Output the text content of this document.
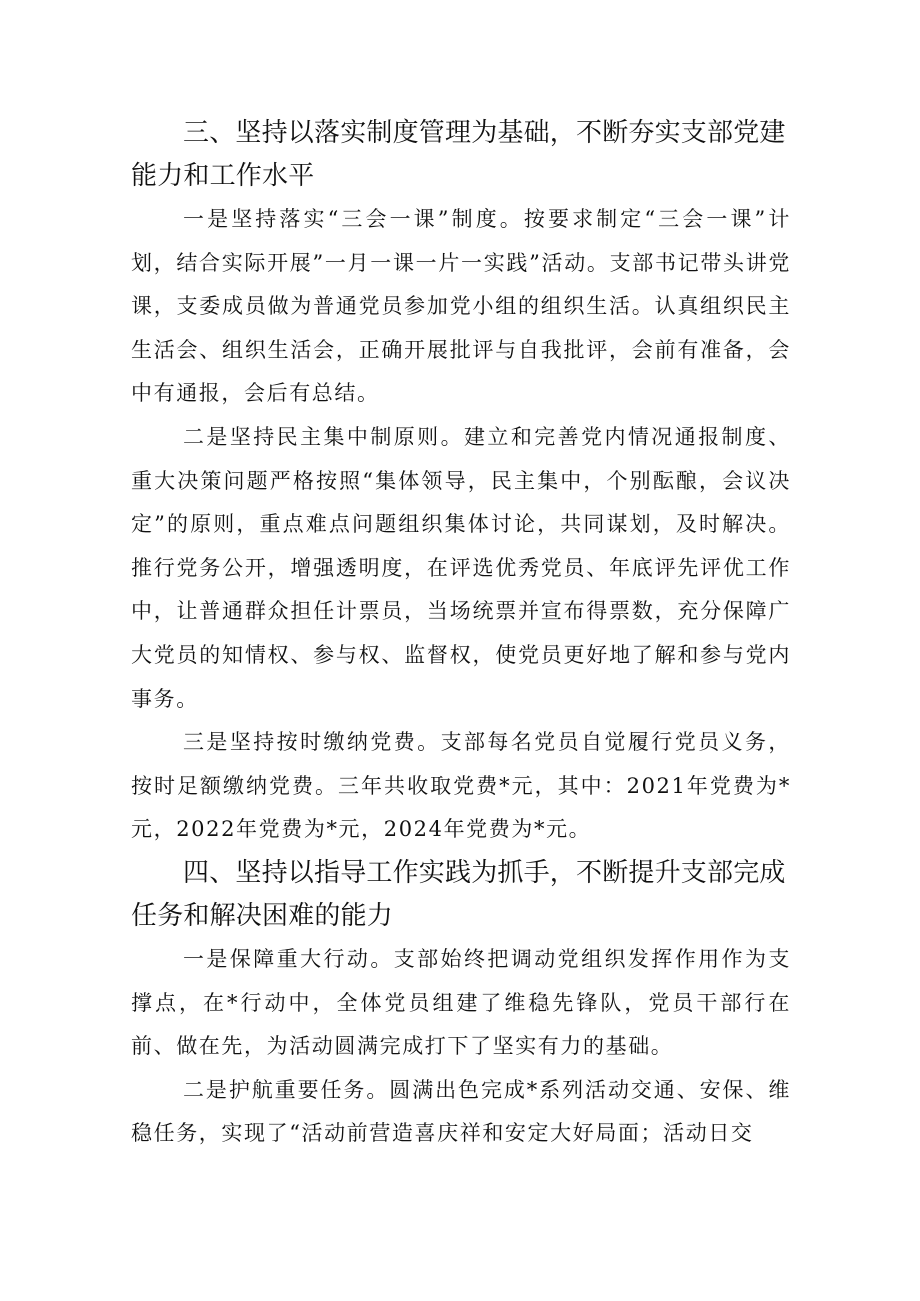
三、坚持以落实制度管理为基础，不断夯实支部党建能力和工作水平

一是坚持落实“三会一课”制度。按要求制定“三会一课”计划，结合实际开展”一月一课一片一实践”活动。支部书记带头讲党课，支委成员做为普通党员参加党小组的组织生活。认真组织民主生活会、组织生活会，正确开展批评与自我批评，会前有准备，会中有通报，会后有总结。

二是坚持民主集中制原则。建立和完善党内情况通报制度、重大决策问题严格按照“集体领导，民主集中，个别酝酿，会议决定”的原则，重点难点问题组织集体讨论，共同谋划，及时解决。推行党务公开，增强透明度，在评选优秀党员、年底评先评优工作中，让普通群众担任计票员，当场统票并宣布得票数，充分保障广大党员的知情权、参与权、监督权，使党员更好地了解和参与党内事务。

三是坚持按时缴纳党费。支部每名党员自觉履行党员义务，按时足额缴纳党费。三年共收取党费*元，其中：2021年党费为*元，2022年党费为*元，2024年党费为*元。

四、坚持以指导工作实践为抓手，不断提升支部完成任务和解决困难的能力

一是保障重大行动。支部始终把调动党组织发挥作用作为支撑点，在*行动中，全体党员组建了维稳先锋队，党员干部行在前、做在先，为活动圆满完成打下了坚实有力的基础。

二是护航重要任务。圆满出色完成*系列活动交通、安保、维稳任务，实现了“活动前营造喜庆祥和安定大好局面；活动日交
